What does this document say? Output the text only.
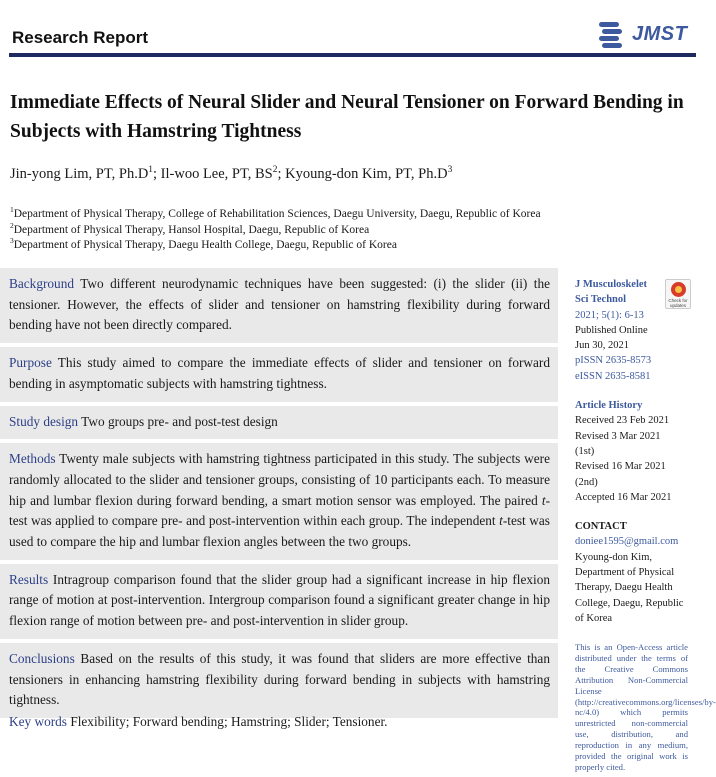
Research Report	JMST
Immediate Effects of Neural Slider and Neural Tensioner on Forward Bending in Subjects with Hamstring Tightness
Jin-yong Lim, PT, $Ph.D^1$; Il-woo Lee, PT, $BS^2$; Kyoung-don Kim, PT, $Ph.D^3$
$^1$Department of Physical Therapy, College of Rehabilitation Sciences, Daegu University, Daegu, Republic of Korea
$^2$Department of Physical Therapy, Hansol Hospital, Daegu, Republic of Korea
$^3$Department of Physical Therapy, Daegu Health College, Daegu, Republic of Korea
Background Two different neurodynamic techniques have been suggested: (i) the slider (ii) the tensioner. However, the effects of slider and tensioner on hamstring flexibility during forward bending have not been directly compared.
Purpose This study aimed to compare the immediate effects of slider and tensioner on forward bending in asymptomatic subjects with hamstring tightness.
Study design Two groups pre- and post-test design
Methods Twenty male subjects with hamstring tightness participated in this study. The subjects were randomly allocated to the slider and tensioner groups, consisting of 10 participants each. To measure hip and lumbar flexion during forward bending, a smart motion sensor was employed. The paired t-test was applied to compare pre- and post-intervention within each group. The independent t-test was used to compare the hip and lumbar flexion angles between the two groups.
Results Intragroup comparison found that the slider group had a significant increase in hip flexion range of motion at post-intervention. Intergroup comparison found a significant greater change in hip flexion range of motion between pre- and post-intervention in slider group.
Conclusions Based on the results of this study, it was found that sliders are more effective than tensioners in enhancing hamstring flexibility during forward bending in subjects with hamstring tightness.
Key words Flexibility; Forward bending; Hamstring; Slider; Tensioner.
Check for updates
J Musculoskelet
Sci Technol
2021; 5(1): 6-13
Published Online
Jun 30, 2021
pISSN 2635-8573
eISSN 2635-8581
Article History
Received 23 Feb 2021
Revised 3 Mar 2021
(1st)
Revised 16 Mar 2021
(2nd)
Accepted 16 Mar 2021
CONTACT
doniee1595@gmail.com
Kyoung-don Kim,
Department of Physical Therapy, Daegu Health College, Daegu, Republic of Korea
This is an Open-Access article distributed under the terms of the Creative Commons Attribution Non-Commercial License (http://creativecommons.org/licenses/by-nc/4.0) which permits unrestricted non-commercial use, distribution, and reproduction in any medium, provided the original work is properly cited.
